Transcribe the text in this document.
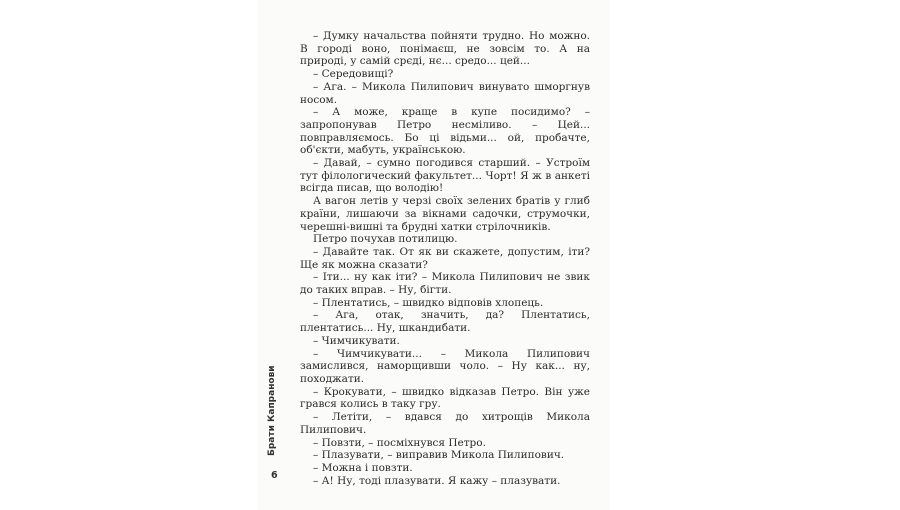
– Думку начальства пойняти трудно. Но можно. В городі воно, понімаєш, не зовсім то. А на природі, у самій срєді, нє... средо... цей...

– Середовищі?

– Ага. – Микола Пилипович винувато шморгнув носом.

– А може, краще в купе посидимо? – запропонував Петро несміливо. – Цей... повправляємось. Бо ці відьми... ой, пробачте, об'єкти, мабуть, українською.

– Давай, – сумно погодився старший. – Устроїм тут філологический факультет... Чорт! Я ж в анкеті всігда писав, що володію!

А вагон летів у черзі своїх зелених братів у глиб країни, лишаючи за вікнами садочки, струмочки, черешні-вишні та брудні хатки стрілочників.

Петро почухав потилицю.

– Давайте так. От як ви скажете, допустим, іти? Ще як можна сказати?

– Іти... ну как іти? – Микола Пилипович не звик до таких вправ. – Ну, бігти.

– Плентатись, – швидко відповів хлопець.

– Ага, отак, значить, да? Плентатись, плентатись... Ну, шкандибати.

– Чимчикувати.

– Чимчикувати... – Микола Пилипович замислився, наморщивши чоло. – Ну как... ну, походжати.

– Крокувати, – швидко відказав Петро. Він уже грався колись в таку гру.

– Летіти, – вдався до хитрощів Микола Пилипович.

– Повзти, – посміхнувся Петро.

– Плазувати, – виправив Микола Пилипович.

– Можна і повзти.

– А! Ну, тоді плазувати. Я кажу – плазувати.

Брати Капранови
6
